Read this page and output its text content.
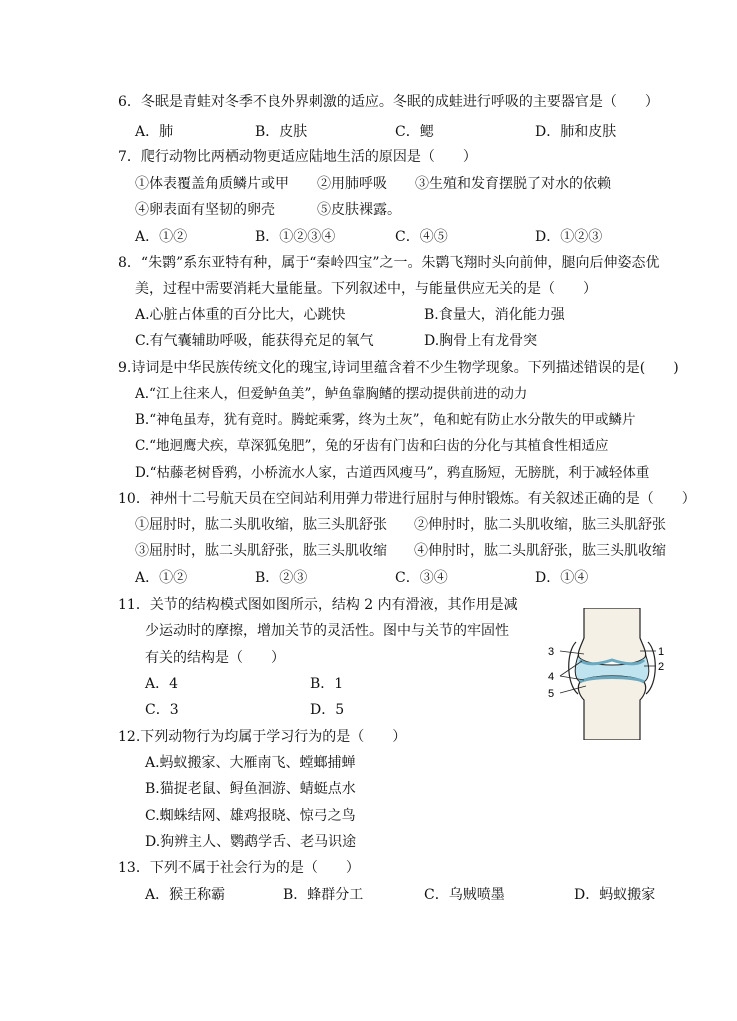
6．冬眠是青蛙对冬季不良外界刺激的适应。冬眠的成蛙进行呼吸的主要器官是（　　）
A．肺	B．皮肤	C．鳃	D．肺和皮肤
7．爬行动物比两栖动物更适应陆地生活的原因是（　　）
①体表覆盖角质鳞片或甲　　②用肺呼吸　　③生殖和发育摆脱了对水的依赖
④卵表面有坚韧的卵壳　　　⑤皮肤裸露。
A．①②	B．①②③④	C．④⑤	D．①②③
8．“朱鹮”系东亚特有种，属于“秦岭四宝”之一。朱鹮飞翔时头向前伸，腿向后伸姿态优
美，过程中需要消耗大量能量。下列叙述中，与能量供应无关的是（　　）
A.心脏占体重的百分比大，心跳快	B.食量大，消化能力强
C.有气囊辅助呼吸，能获得充足的氧气	D.胸骨上有龙骨突
9.诗词是中华民族传统文化的瑰宝,诗词里蕴含着不少生物学现象。下列描述错误的是(　　)
A.“江上往来人，但爱鲈鱼美”，鲈鱼靠胸鳍的摆动提供前进的动力
B.“神龟虽寿，犹有竟时。腾蛇乘雾，终为土灰”，龟和蛇有防止水分散失的甲或鳞片
C.“地迥鹰犬疾，草深狐兔肥”，兔的牙齿有门齿和臼齿的分化与其植食性相适应
D.“枯藤老树昏鸦，小桥流水人家，古道西风瘦马”，鸦直肠短，无膀胱，利于减轻体重
10．神州十二号航天员在空间站利用弹力带进行屈肘与伸肘锻炼。有关叙述正确的是（　　）
①屈肘时，肱二头肌收缩，肱三头肌舒张 ②伸肘时，肱二头肌收缩，肱三头肌舒张
③屈肘时，肱二头肌舒张，肱三头肌收缩 ④伸肘时，肱二头肌舒张，肱三头肌收缩
A．①②	B．②③	C．③④	D．①④
11．关节的结构模式图如图所示，结构 2 内有滑液，其作用是减
少运动时的摩擦，增加关节的灵活性。图中与关节的牢固性
有关的结构是（　　）
A．4	B．1
C．3	D．5
1
2
3
4
5
12.下列动物行为均属于学习行为的是（　　）
A.蚂蚁搬家、大雁南飞、螳螂捕蝉
B.猫捉老鼠、鲟鱼洄游、蜻蜓点水
C.蜘蛛结网、雄鸡报晓、惊弓之鸟
D.狗辨主人、鹦鹉学舌、老马识途
13．下列不属于社会行为的是（　　）
A．猴王称霸	B．蜂群分工	C．乌贼喷墨	D．蚂蚁搬家
